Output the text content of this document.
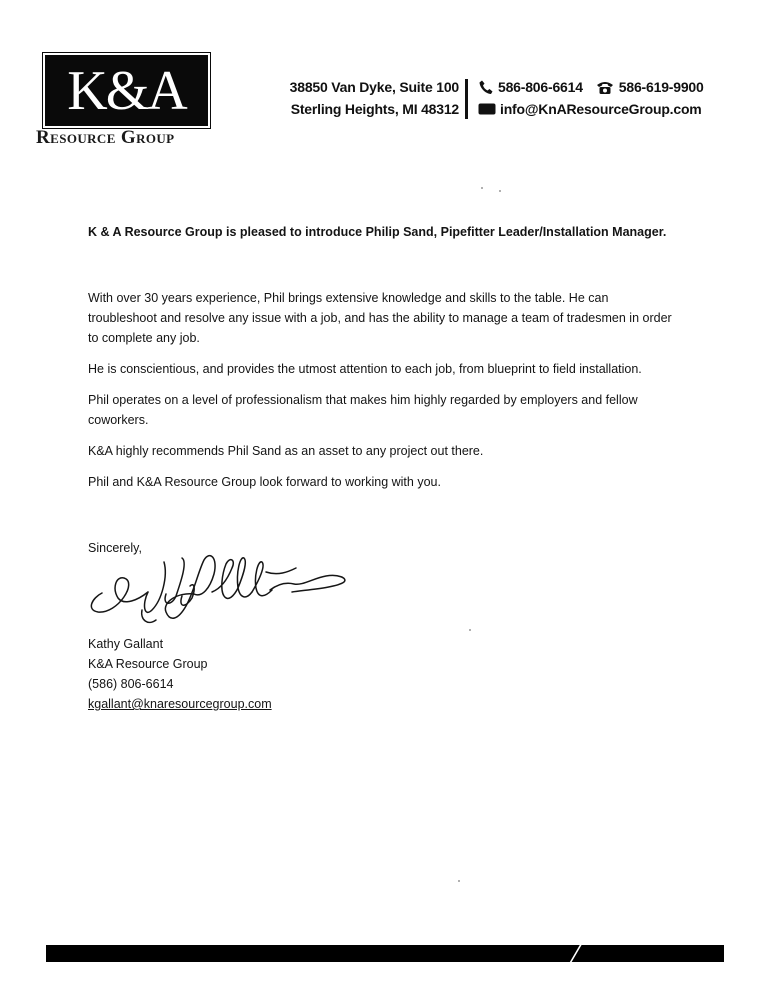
K&A
Resource Group
38850 Van Dyke, Suite 100
Sterling Heights, MI 48312
586-806-6614	586-619-9900
info@KnAResourceGroup.com
K & A Resource Group is pleased to introduce Philip Sand, Pipefitter Leader/Installation Manager.

With over 30 years experience, Phil brings extensive knowledge and skills to the table. He can troubleshoot and resolve any issue with a job, and has the ability to manage a team of tradesmen in order to complete any job.

He is conscientious, and provides the utmost attention to each job, from blueprint to field installation.

Phil operates on a level of professionalism that makes him highly regarded by employers and fellow coworkers.

K&A highly recommends Phil Sand as an asset to any project out there.

Phil and K&A Resource Group look forward to working with you.

Sincerely,
Kathy Gallant
K&A Resource Group
(586) 806-6614
kgallant@knaresourcegroup.com
